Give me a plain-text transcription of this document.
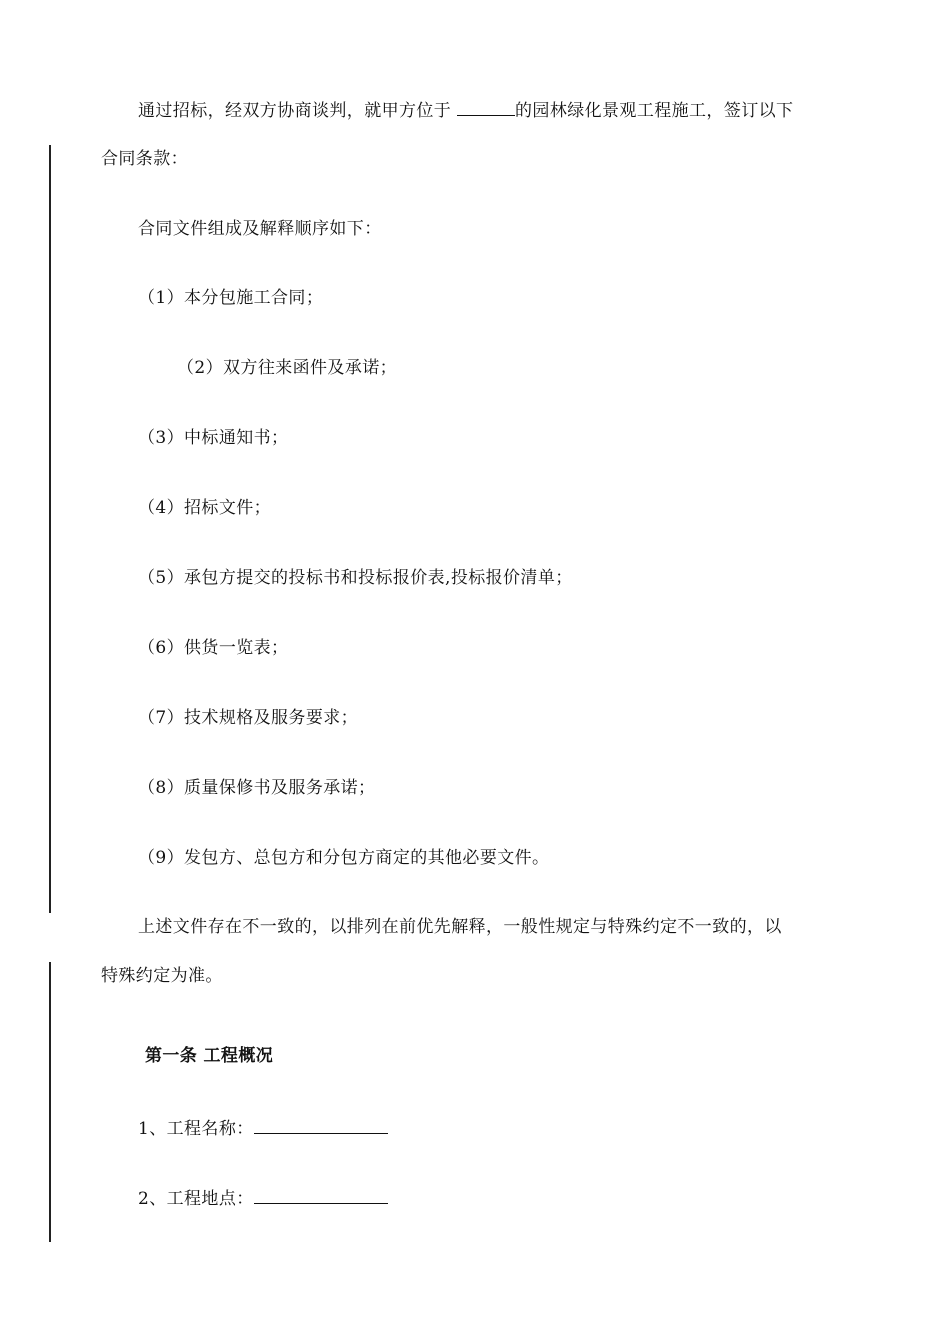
通过招标，经双方协商谈判，就甲方位于	的园林绿化景观工程施工，签订以下
合同条款：
合同文件组成及解释顺序如下：
（1）本分包施工合同；
（2）双方往来函件及承诺；
（3）中标通知书；
（4）招标文件；
（5）承包方提交的投标书和投标报价表,投标报价清单；
（6）供货一览表；
（7）技术规格及服务要求；
（8）质量保修书及服务承诺；
（9）发包方、总包方和分包方商定的其他必要文件。
上述文件存在不一致的，以排列在前优先解释，一般性规定与特殊约定不一致的，以
特殊约定为准。
第一条 工程概况
1、工程名称：
2、工程地点：
